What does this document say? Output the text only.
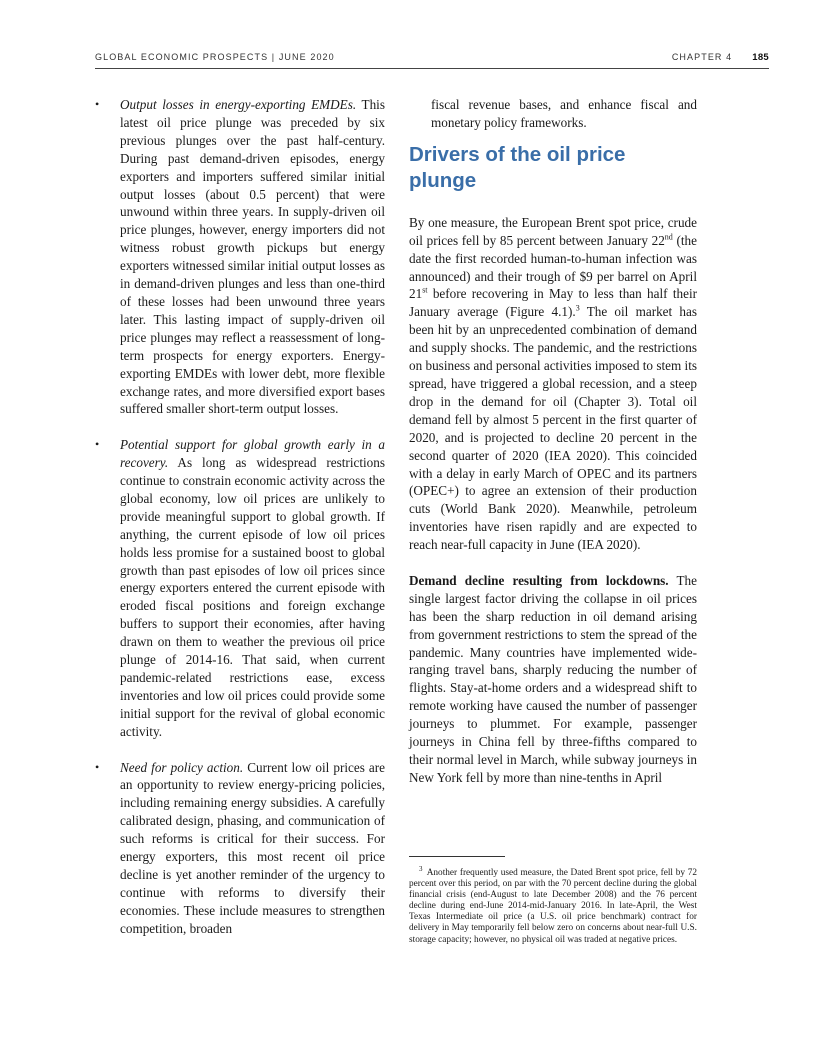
GLOBAL ECONOMIC PROSPECTS | JUNE 2020	CHAPTER 4 185
• Output losses in energy-exporting EMDEs. This latest oil price plunge was preceded by six previous plunges over the past half-century. During past demand-driven episodes, energy exporters and importers suffered similar initial output losses (about 0.5 percent) that were unwound within three years. In supply-driven oil price plunges, however, energy importers did not witness robust growth pickups but energy exporters witnessed similar initial output losses as in demand-driven plunges and less than one-third of these losses had been unwound three years later. This lasting impact of supply-driven oil price plunges may reflect a reassessment of long-term prospects for energy exporters. Energy-exporting EMDEs with lower debt, more flexible exchange rates, and more diversified export bases suffered smaller short-term output losses.
• Potential support for global growth early in a recovery. As long as widespread restrictions continue to constrain economic activity across the global economy, low oil prices are unlikely to provide meaningful support to global growth. If anything, the current episode of low oil prices holds less promise for a sustained boost to global growth than past episodes of low oil prices since energy exporters entered the current episode with eroded fiscal positions and foreign exchange buffers to support their economies, after having drawn on them to weather the previous oil price plunge of 2014-16. That said, when current pandemic-related restrictions ease, excess inventories and low oil prices could provide some initial support for the revival of global economic activity.
• Need for policy action. Current low oil prices are an opportunity to review energy-pricing policies, including remaining energy subsidies. A carefully calibrated design, phasing, and communication of such reforms is critical for their success. For energy exporters, this most recent oil price decline is yet another reminder of the urgency to continue with reforms to diversify their economies. These include measures to strengthen competition, broaden
fiscal revenue bases, and enhance fiscal and monetary policy frameworks.
Drivers of the oil price plunge

By one measure, the European Brent spot price, crude oil prices fell by 85 percent between January 22nd (the date the first recorded human-to-human infection was announced) and their trough of $9 per barrel on April 21st before recovering in May to less than half their January average (Figure 4.1).$^3$ The oil market has been hit by an unprecedented combination of demand and supply shocks. The pandemic, and the restrictions on business and personal activities imposed to stem its spread, have triggered a global recession, and a steep drop in the demand for oil (Chapter 3). Total oil demand fell by almost 5 percent in the first quarter of 2020, and is projected to decline 20 percent in the second quarter of 2020 (IEA 2020). This coincided with a delay in early March of OPEC and its partners (OPEC+) to agree an extension of their production cuts (World Bank 2020). Meanwhile, petroleum inventories have risen rapidly and are expected to reach near-full capacity in June (IEA 2020).

Demand decline resulting from lockdowns. The single largest factor driving the collapse in oil prices has been the sharp reduction in oil demand arising from government restrictions to stem the spread of the pandemic. Many countries have implemented wide-ranging travel bans, sharply reducing the number of flights. Stay-at-home orders and a widespread shift to remote working have caused the number of passenger journeys to plummet. For example, passenger journeys in China fell by three-fifths compared to their normal level in March, while subway journeys in New York fell by more than nine-tenths in April

$^3$ Another frequently used measure, the Dated Brent spot price, fell by 72 percent over this period, on par with the 70 percent decline during the global financial crisis (end-August to late December 2008) and the 76 percent decline during end-June 2014-mid-January 2016. In late-April, the West Texas Intermediate oil price (a U.S. oil price benchmark) contract for delivery in May temporarily fell below zero on concerns about near-full U.S. storage capacity; however, no physical oil was traded at negative prices.
